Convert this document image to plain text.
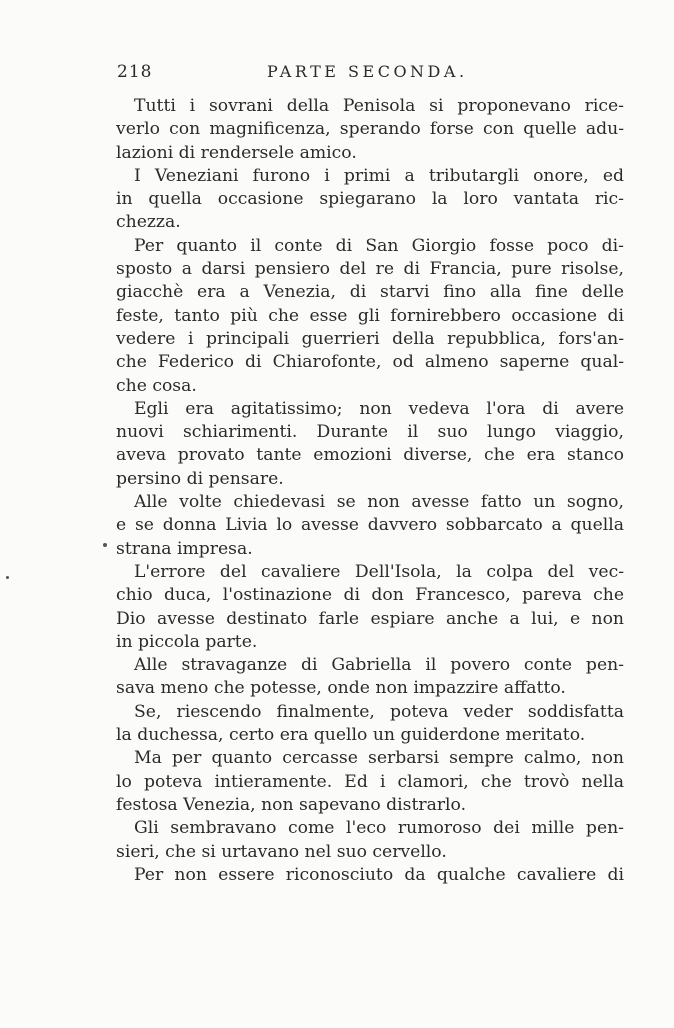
218	PARTE SECONDA.
Tutti i sovrani della Penisola si proponevano rice-
verlo con magnificenza, sperando forse con quelle adu-
lazioni di rendersele amico.
I Veneziani furono i primi a tributargli onore, ed
in quella occasione spiegarano la loro vantata ric-
chezza.
Per quanto il conte di San Giorgio fosse poco di-
sposto a darsi pensiero del re di Francia, pure risolse,
giacchè era a Venezia, di starvi fino alla fine delle
feste, tanto più che esse gli fornirebbero occasione di
vedere i principali guerrieri della repubblica, fors'an-
che Federico di Chiarofonte, od almeno saperne qual-
che cosa.
Egli era agitatissimo; non vedeva l'ora di avere
nuovi schiarimenti. Durante il suo lungo viaggio,
aveva provato tante emozioni diverse, che era stanco
persino di pensare.
Alle volte chiedevasi se non avesse fatto un sogno,
e se donna Livia lo avesse davvero sobbarcato a quella
strana impresa.
L'errore del cavaliere Dell'Isola, la colpa del vec-
chio duca, l'ostinazione di don Francesco, pareva che
Dio avesse destinato farle espiare anche a lui, e non
in piccola parte.
Alle stravaganze di Gabriella il povero conte pen-
sava meno che potesse, onde non impazzire affatto.
Se, riescendo finalmente, poteva veder soddisfatta
la duchessa, certo era quello un guiderdone meritato.
Ma per quanto cercasse serbarsi sempre calmo, non
lo poteva intieramente. Ed i clamori, che trovò nella
festosa Venezia, non sapevano distrarlo.
Gli sembravano come l'eco rumoroso dei mille pen-
sieri, che si urtavano nel suo cervello.
Per non essere riconosciuto da qualche cavaliere di
